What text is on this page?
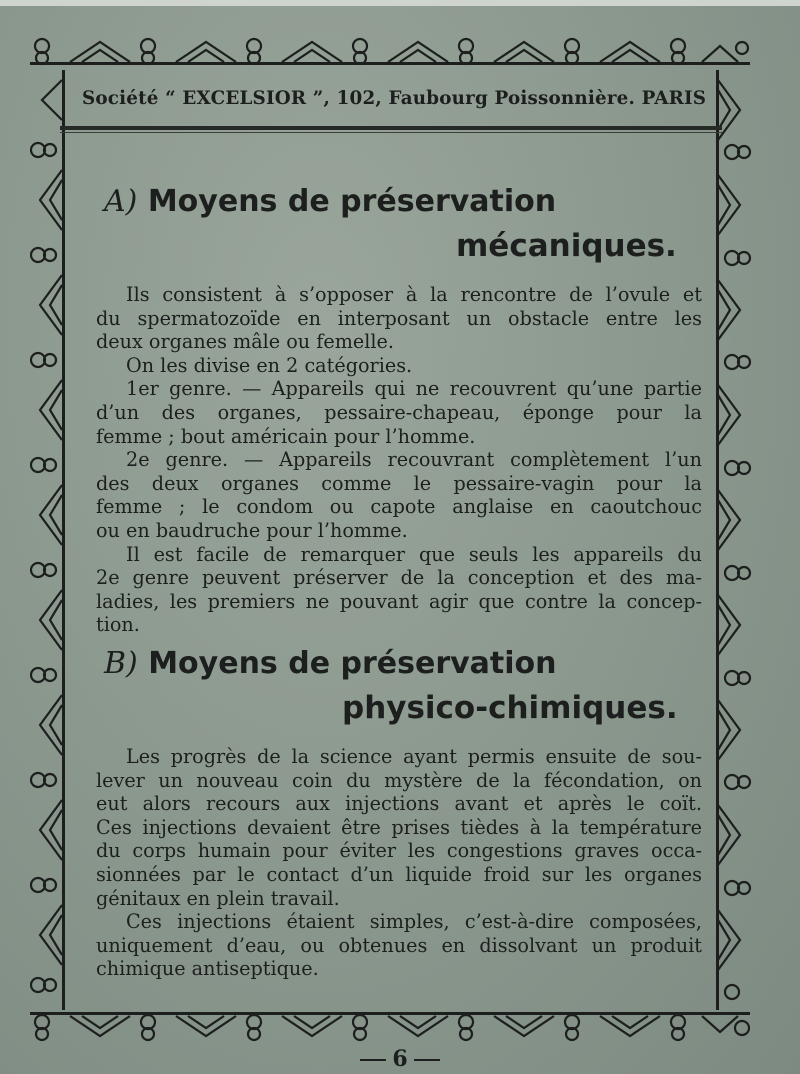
Société “ EXCELSIOR ”, 102, Faubourg Poissonnière. PARIS
A) Moyens de préservation
mécaniques.
Ils consistent à s’opposer à la rencontre de l’ovule et
du spermatozoïde en interposant un obstacle entre les
deux organes mâle ou femelle.
On les divise en 2 catégories.
1er genre. — Appareils qui ne recouvrent qu’une partie
d’un des organes, pessaire-chapeau, éponge pour la
femme ; bout américain pour l’homme.
2e genre. — Appareils recouvrant complètement l’un
des deux organes comme le pessaire-vagin pour la
femme ; le condom ou capote anglaise en caoutchouc
ou en baudruche pour l’homme.
Il est facile de remarquer que seuls les appareils du
2e genre peuvent préserver de la conception et des ma-
ladies, les premiers ne pouvant agir que contre la concep-
tion.
B) Moyens de préservation
physico-chimiques.
Les progrès de la science ayant permis ensuite de sou-
lever un nouveau coin du mystère de la fécondation, on
eut alors recours aux injections avant et après le coït.
Ces injections devaient être prises tièdes à la température
du corps humain pour éviter les congestions graves occa-
sionnées par le contact d’un liquide froid sur les organes
génitaux en plein travail.
Ces injections étaient simples, c’est-à-dire composées,
uniquement d’eau, ou obtenues en dissolvant un produit
chimique antiseptique.
6
